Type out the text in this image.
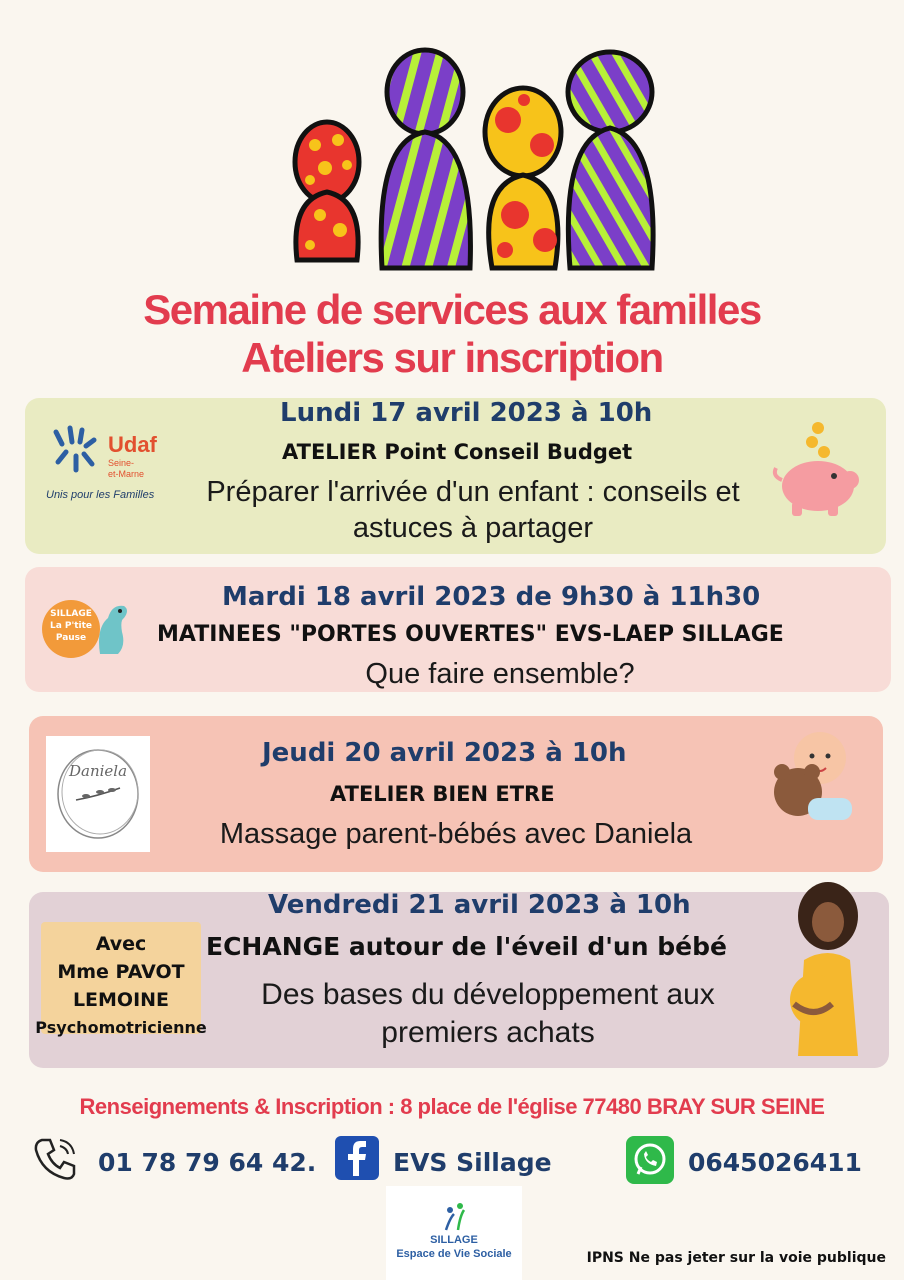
Semaine de services aux familles
Ateliers sur inscription
Udaf
Seine-
et-Marne
Unis pour les Familles
Lundi 17 avril 2023 à 10h
ATELIER Point Conseil Budget
Préparer l'arrivée d'un enfant : conseils et
astuces à partager
SILLAGE
La P'tite
Pause
Mardi 18 avril 2023 de 9h30 à 11h30
MATINEES "PORTES OUVERTES" EVS-LAEP SILLAGE
Que faire ensemble?
Daniela
Jeudi 20 avril 2023 à 10h
ATELIER BIEN ETRE
Massage parent-bébés avec Daniela
Avec
Mme PAVOT
LEMOINE
Psychomotricienne
Vendredi 21 avril 2023 à 10h
ECHANGE autour de l'éveil d'un bébé
Des bases du développement aux
premiers achats
Renseignements & Inscription : 8 place de l'église 77480 BRAY SUR SEINE
01 78 79 64 42.	EVS Sillage	0645026411
SILLAGE
Espace de Vie Sociale	IPNS Ne pas jeter sur la voie publique
